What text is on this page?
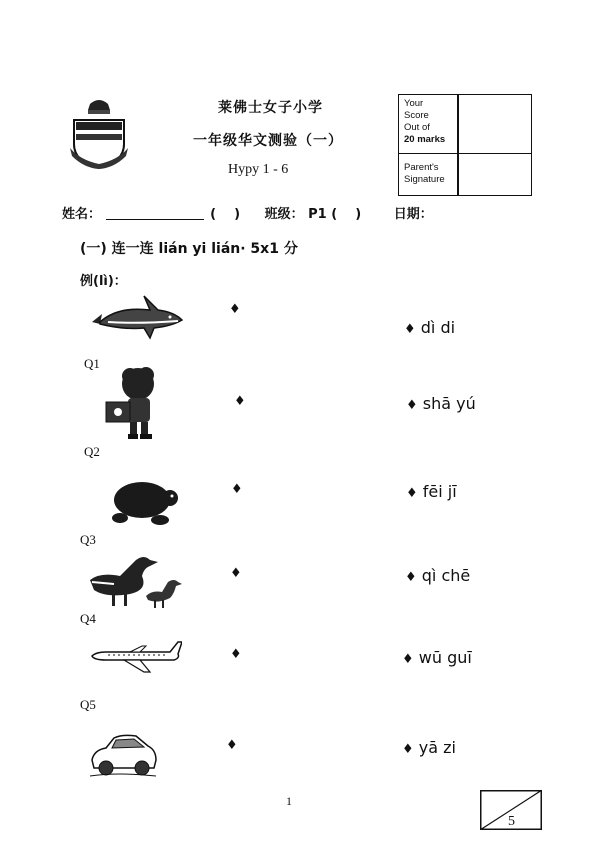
莱佛士女子小学
一年级华文测验（一）
Hypy 1 - 6
Your
Score
Out of
20 marks
Parent's
Signature
姓名：	(    ) 班级： P1 (    )	日期：
(一) 连一连 lián yi lián· 5x1 分
例(lì)：
♦
♦ dì di
Q1
♦	♦ shā yú
Q2
♦	♦ fēi jī
Q3
♦	♦ qì chē
Q4
♦	♦ wū guī
Q5
♦	♦ yā zi
1
5
